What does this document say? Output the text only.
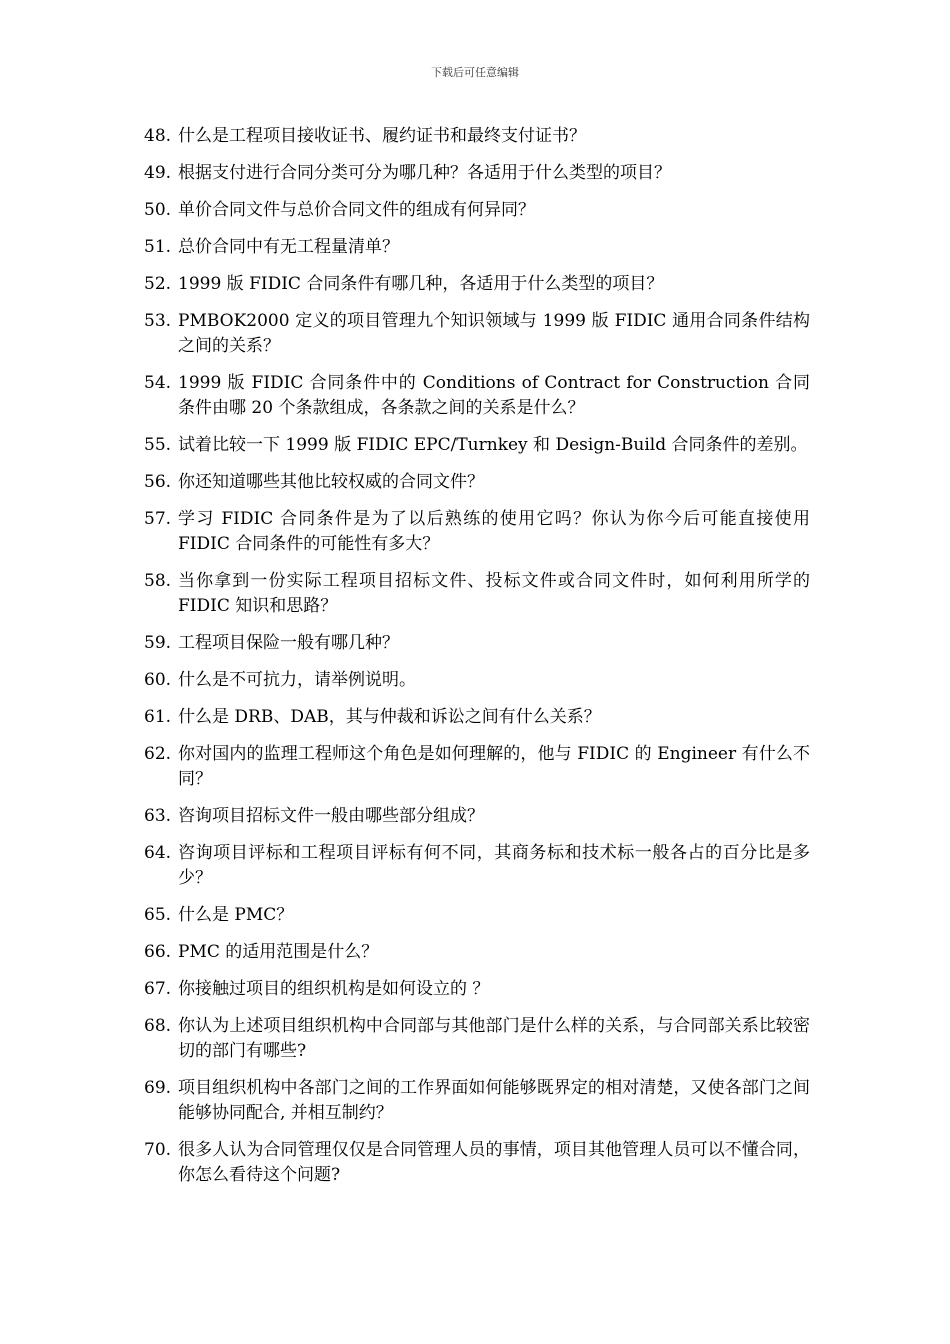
下载后可任意编辑
48. 什么是工程项目接收证书、履约证书和最终支付证书？
49. 根据支付进行合同分类可分为哪几种？各适用于什么类型的项目？
50. 单价合同文件与总价合同文件的组成有何异同？
51. 总价合同中有无工程量清单？
52. 1999 版 FIDIC 合同条件有哪几种，各适用于什么类型的项目？
53. PMBOK2000 定义的项目管理九个知识领域与 1999 版 FIDIC 通用合同条件结构之间的关系？
54. 1999 版 FIDIC 合同条件中的 Conditions of Contract for Construction 合同条件由哪 20 个条款组成，各条款之间的关系是什么？
55. 试着比较一下 1999 版 FIDIC EPC/Turnkey 和 Design-Build 合同条件的差别。
56. 你还知道哪些其他比较权威的合同文件？
57. 学习 FIDIC 合同条件是为了以后熟练的使用它吗？你认为你今后可能直接使用 FIDIC 合同条件的可能性有多大？
58. 当你拿到一份实际工程项目招标文件、投标文件或合同文件时，如何利用所学的 FIDIC 知识和思路？
59. 工程项目保险一般有哪几种？
60. 什么是不可抗力，请举例说明。
61. 什么是 DRB、DAB，其与仲裁和诉讼之间有什么关系？
62. 你对国内的监理工程师这个角色是如何理解的，他与 FIDIC 的 Engineer 有什么不同？
63. 咨询项目招标文件一般由哪些部分组成？
64. 咨询项目评标和工程项目评标有何不同，其商务标和技术标一般各占的百分比是多少？
65. 什么是 PMC？
66. PMC 的适用范围是什么？
67. 你接触过项目的组织机构是如何设立的 ？
68. 你认为上述项目组织机构中合同部与其他部门是什么样的关系，与合同部关系比较密切的部门有哪些?
69. 项目组织机构中各部门之间的工作界面如何能够既界定的相对清楚，又使各部门之间能够协同配合, 并相互制约？
70. 很多人认为合同管理仅仅是合同管理人员的事情，项目其他管理人员可以不懂合同，你怎么看待这个问题?
